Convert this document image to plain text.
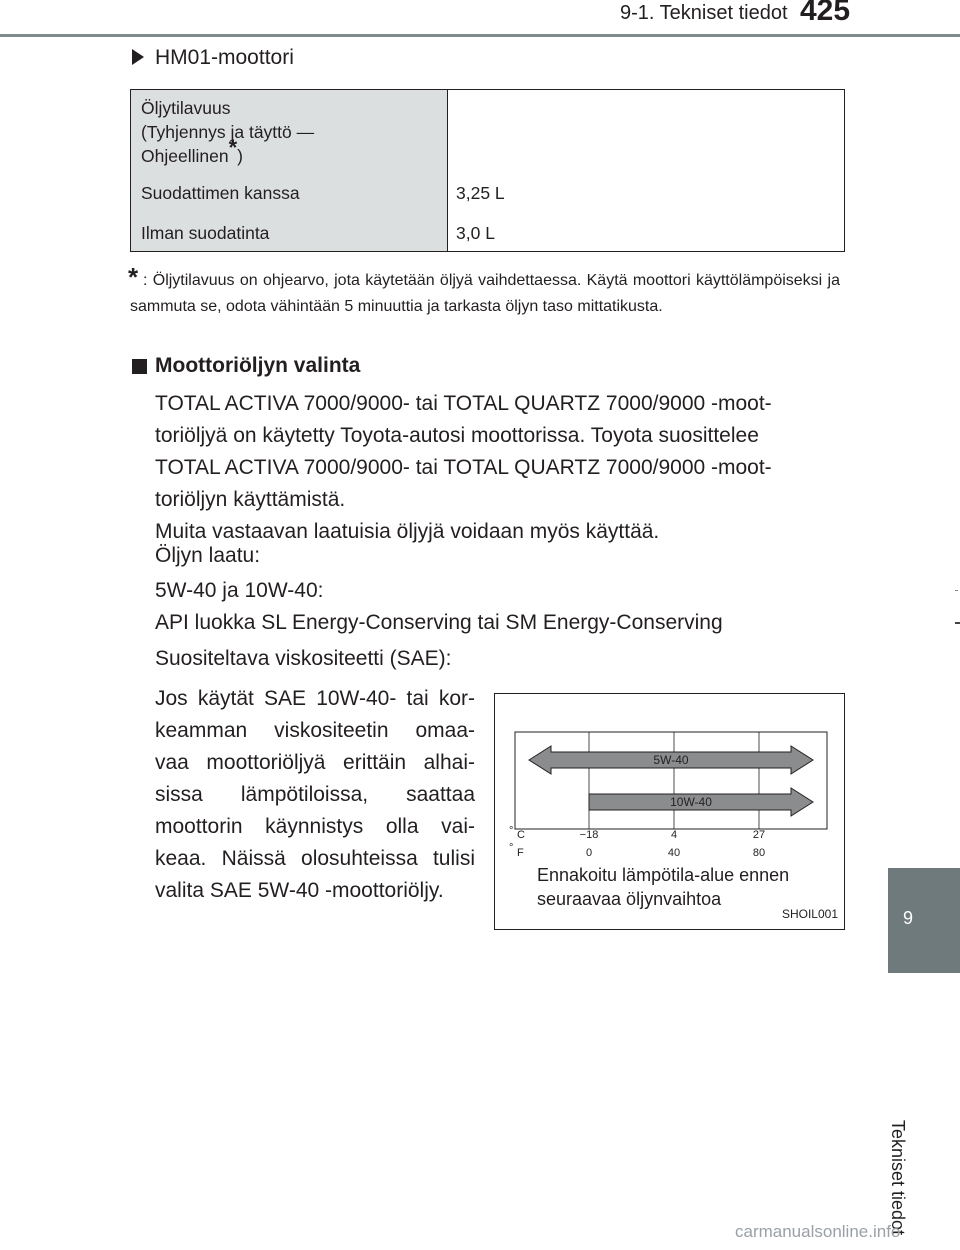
9-1. Tekniset tiedot 425
9
Tekniset tiedot
HM01-moottori
Öljytilavuus
(Tyhjennys ja täyttö —
Ohjeellinen*)
Suodattimen kanssa	3,25 L
Ilman suodatinta	3,0 L
* : Öljytilavuus on ohjearvo, jota käytetään öljyä vaihdettaessa. Käytä moottori käyttölämpöiseksi ja sammuta se, odota vähintään 5 minuuttia ja tarkasta öljyn taso mittatikusta.
Moottoriöljyn valinta
TOTAL ACTIVA 7000/9000- tai TOTAL QUARTZ 7000/9000 -moot-
toriöljyä on käytetty Toyota-autosi moottorissa. Toyota suosittelee
TOTAL ACTIVA 7000/9000- tai TOTAL QUARTZ 7000/9000 -moot-
toriöljyn käyttämistä.
Muita vastaavan laatuisia öljyjä voidaan myös käyttää.
Öljyn laatu:
5W-40 ja 10W-40:
API luokka SL Energy-Conserving tai SM Energy-Conserving
Suositeltava viskositeetti (SAE):
Jos käytät SAE 10W-40- tai kor-
keamman viskositeetin omaa-
vaa moottoriöljyä erittäin alhai-
sissa lämpötiloissa, saattaa
moottorin käynnistys olla vai-
keaa. Näissä olosuhteissa tulisi
valita SAE 5W-40 -moottoriöljy.
5W-40
10W-40
° C	−18	4	27
° F	0	40	80
Ennakoitu lämpötila-alue ennen
seuraavaa öljynvaihtoa
SHOIL001
carmanualsonline.info
